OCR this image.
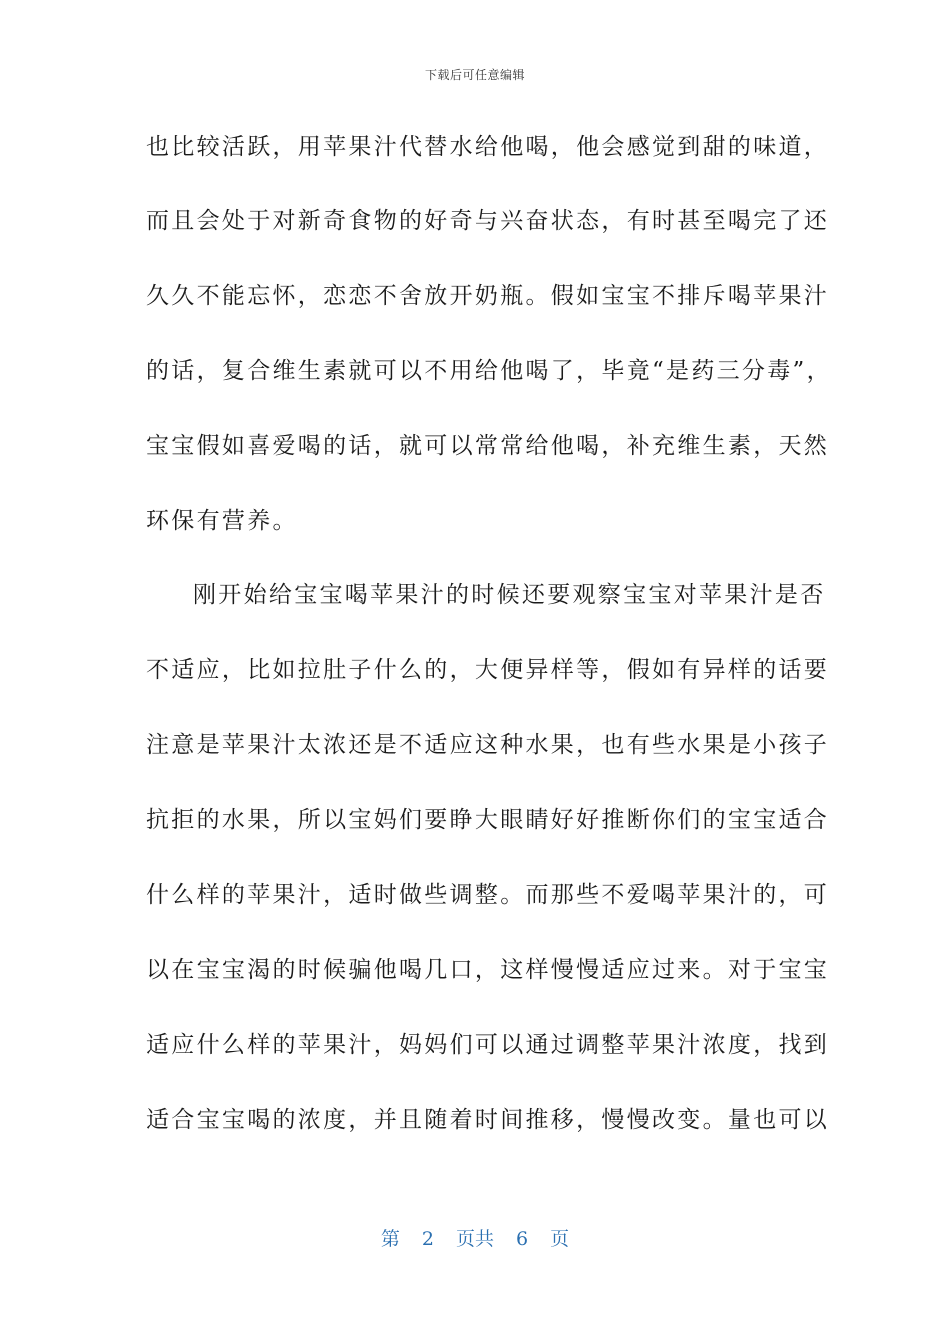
下载后可任意编辑
也比较活跃，用苹果汁代替水给他喝，他会感觉到甜的味道，
而且会处于对新奇食物的好奇与兴奋状态，有时甚至喝完了还
久久不能忘怀，恋恋不舍放开奶瓶。假如宝宝不排斥喝苹果汁
的话，复合维生素就可以不用给他喝了，毕竟“是药三分毒”，
宝宝假如喜爱喝的话，就可以常常给他喝，补充维生素，天然
环保有营养。
刚开始给宝宝喝苹果汁的时候还要观察宝宝对苹果汁是否
不适应，比如拉肚子什么的，大便异样等，假如有异样的话要
注意是苹果汁太浓还是不适应这种水果，也有些水果是小孩子
抗拒的水果，所以宝妈们要睁大眼睛好好推断你们的宝宝适合
什么样的苹果汁，适时做些调整。而那些不爱喝苹果汁的，可
以在宝宝渴的时候骗他喝几口，这样慢慢适应过来。对于宝宝
适应什么样的苹果汁，妈妈们可以通过调整苹果汁浓度，找到
适合宝宝喝的浓度，并且随着时间推移，慢慢改变。量也可以
第 2 页共 6 页
